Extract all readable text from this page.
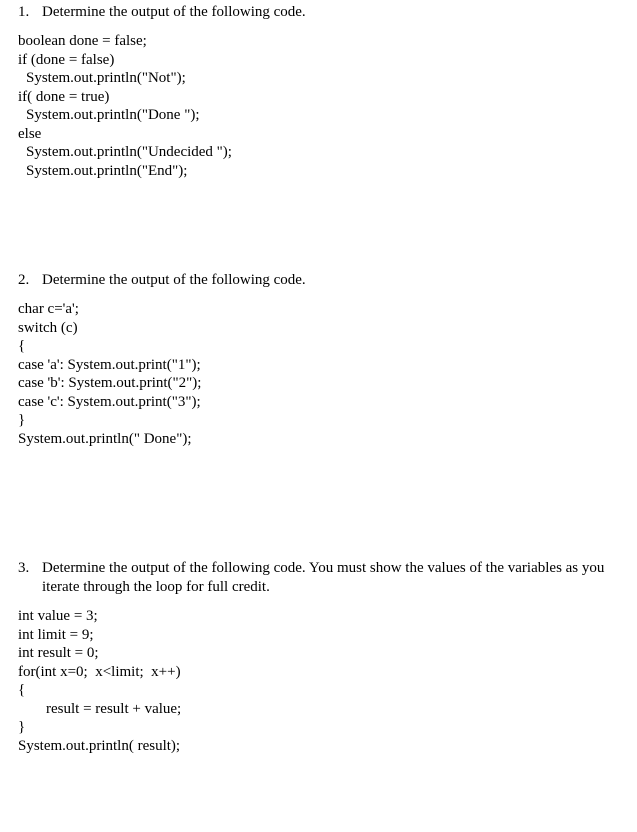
1. Determine the output of the following code.
boolean done = false;
if (done = false)
System.out.println("Not");
if( done = true)
System.out.println("Done ");
else
System.out.println("Undecided ");
System.out.println("End");
2. Determine the output of the following code.
char c='a';
switch (c)
{
case 'a': System.out.print("1");
case 'b': System.out.print("2");
case 'c': System.out.print("3");
}
System.out.println(" Done");
3. Determine the output of the following code. You must show the values of the variables as you iterate through the loop for full credit.
int value = 3;
int limit = 9;
int result = 0;
for(int x=0;  x<limit;  x++)
{
result = result + value;
}
System.out.println( result);
